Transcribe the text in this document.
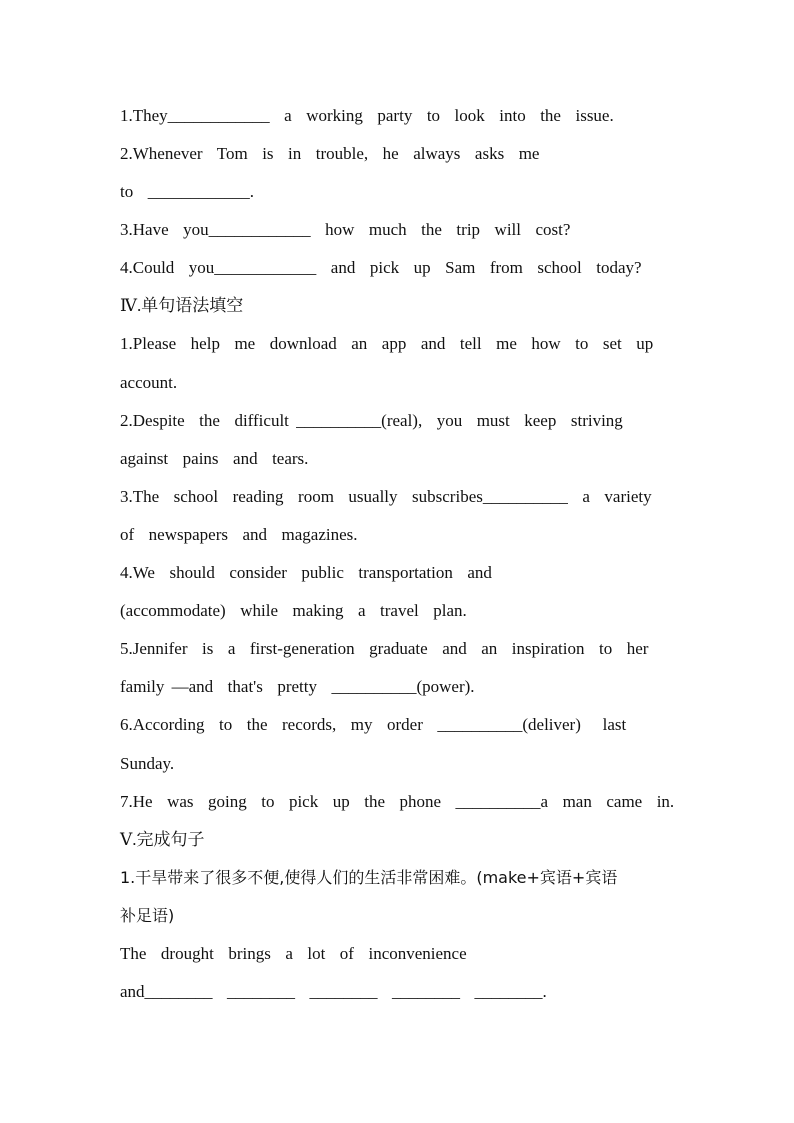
1.They____________  a  working  party  to  look  into  the  issue.
2.Whenever  Tom  is  in  trouble,  he  always  asks  me
to  ____________.
3.Have  you____________  how  much  the  trip  will  cost?
4.Could  you____________  and  pick  up  Sam  from  school  today?
Ⅳ.单句语法填空
1.Please  help  me  download  an  app  and  tell  me  how  to  set  up
account.
2.Despite  the  difficult __________(real),  you  must  keep  striving
against  pains  and  tears.
3.The  school  reading  room  usually  subscribes__________  a  variety
of  newspapers  and  magazines.
4.We  should  consider  public  transportation  and
(accommodate)  while  making  a  travel  plan.
5.Jennifer  is  a  first-generation  graduate  and  an  inspiration  to  her
family —and  that's  pretty  __________(power).
6.According  to  the  records,  my  order  __________(deliver)   last
Sunday.
7.He  was  going  to  pick  up  the  phone  __________a  man  came  in.
Ⅴ.完成句子
1.干旱带来了很多不便,使得人们的生活非常困难。(make+宾语+宾语
补足语)
The  drought  brings  a  lot  of  inconvenience
and________  ________  ________  ________  ________.
